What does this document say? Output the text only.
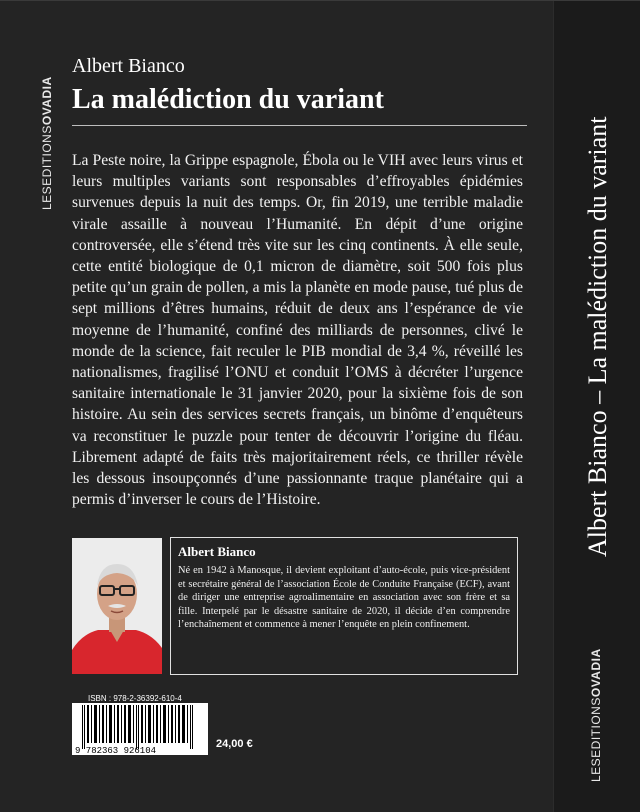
LESEDITIONSOVADIA
Albert Bianco
La malédiction du variant
La Peste noire, la Grippe espagnole, Ébola ou le VIH avec leurs virus et leurs multiples variants sont responsables d’effroyables épidémies survenues depuis la nuit des temps. Or, fin 2019, une terrible maladie virale assaille à nouveau l’Humanité. En dépit d’une origine controversée, elle s’étend très vite sur les cinq continents. À elle seule, cette entité biologique de 0,1 micron de diamètre, soit 500 fois plus petite qu’un grain de pollen, a mis la planète en mode pause, tué plus de sept millions d’êtres humains, réduit de deux ans l’espérance de vie moyenne de l’humanité, confiné des milliards de personnes, clivé le monde de la science, fait reculer le PIB mondial de 3,4 %, réveillé les nationalismes, fragilisé l’ONU et conduit l’OMS à décréter l’urgence sanitaire internationale le 31 janvier 2020, pour la sixième fois de son histoire. Au sein des services secrets français, un binôme d’enquêteurs va reconstituer le puzzle pour tenter de découvrir l’origine du fléau. Librement adapté de faits très majoritairement réels, ce thriller révèle les dessous insoupçonnés d’une passionnante traque planétaire qui a permis d’inverser le cours de l’Histoire.
Albert Bianco
Né en 1942 à Manosque, il devient exploitant d’auto-école, puis vice-président et secrétaire général de l’association École de Conduite Française (ECF), avant de diriger une entreprise agroalimentaire en association avec son frère et sa fille. Interpelé par le désastre sanitaire de 2020, il décide d’en comprendre l’enchaînement et commence à mener l’enquête en plein confinement.
ISBN : 978-2-36392-610-4
9 782363 926104
24,00 €
Albert Bianco – La malédiction du variant
LESEDITIONSOVADIA
